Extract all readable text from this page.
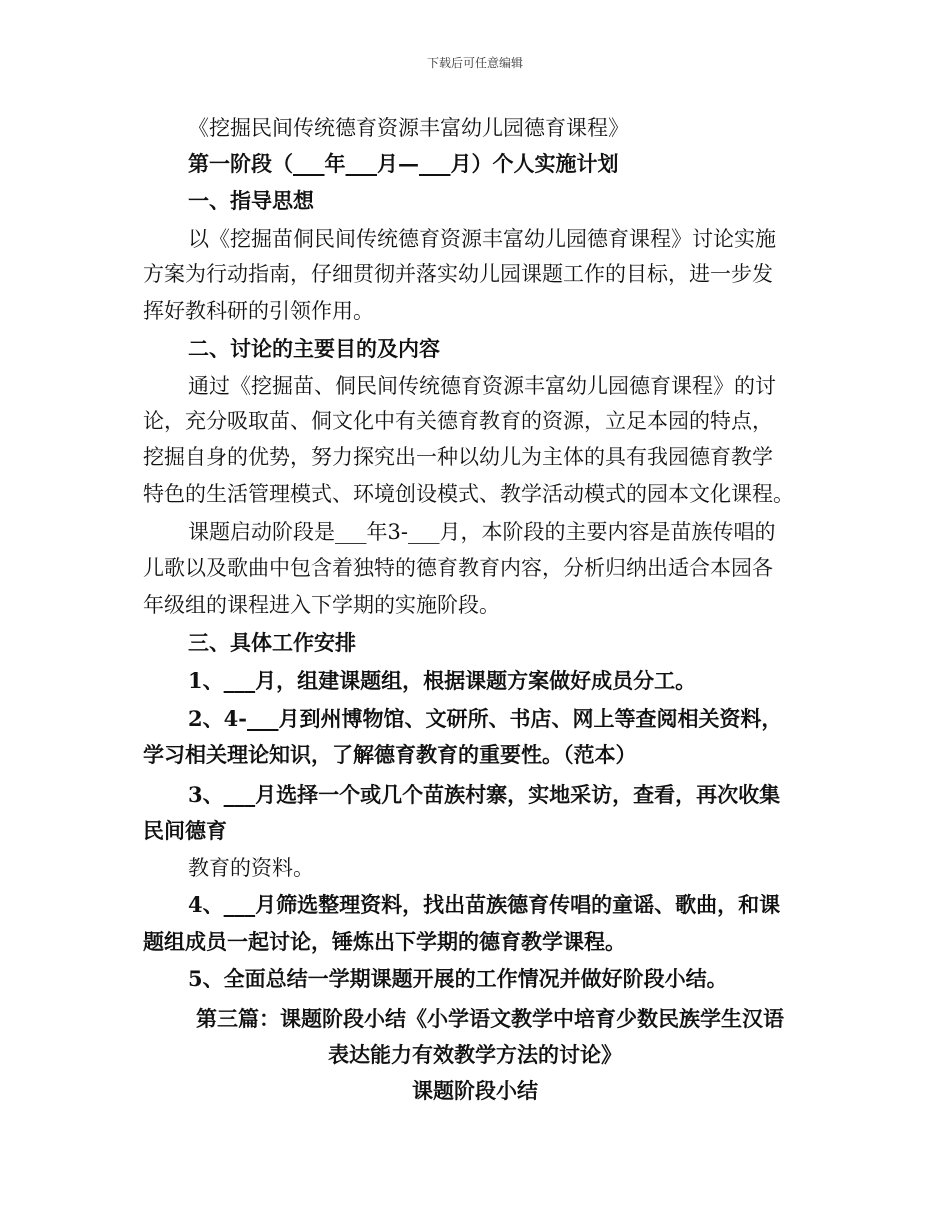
下载后可任意编辑
《挖掘民间传统德育资源丰富幼儿园德育课程》
第一阶段（___年___月—___月）个人实施计划
一、指导思想
以《挖掘苗侗民间传统德育资源丰富幼儿园德育课程》讨论实施
方案为行动指南，仔细贯彻并落实幼儿园课题工作的目标，进一步发
挥好教科研的引领作用。
二、讨论的主要目的及内容
通过《挖掘苗、侗民间传统德育资源丰富幼儿园德育课程》的讨
论，充分吸取苗、侗文化中有关德育教育的资源，立足本园的特点，
挖掘自身的优势，努力探究出一种以幼儿为主体的具有我园德育教学
特色的生活管理模式、环境创设模式、教学活动模式的园本文化课程。
课题启动阶段是___年3-___月，本阶段的主要内容是苗族传唱的
儿歌以及歌曲中包含着独特的德育教育内容，分析归纳出适合本园各
年级组的课程进入下学期的实施阶段。
三、具体工作安排
1、___月，组建课题组，根据课题方案做好成员分工。
2、4-___月到州博物馆、文研所、书店、网上等查阅相关资料，
学习相关理论知识，了解德育教育的重要性。（范本）
3、___月选择一个或几个苗族村寨，实地采访，查看，再次收集
民间德育
教育的资料。
4、___月筛选整理资料，找出苗族德育传唱的童谣、歌曲，和课
题组成员一起讨论，锤炼出下学期的德育教学课程。
5、全面总结一学期课题开展的工作情况并做好阶段小结。
第三篇：课题阶段小结《小学语文教学中培育少数民族学生汉语
表达能力有效教学方法的讨论》
课题阶段小结
